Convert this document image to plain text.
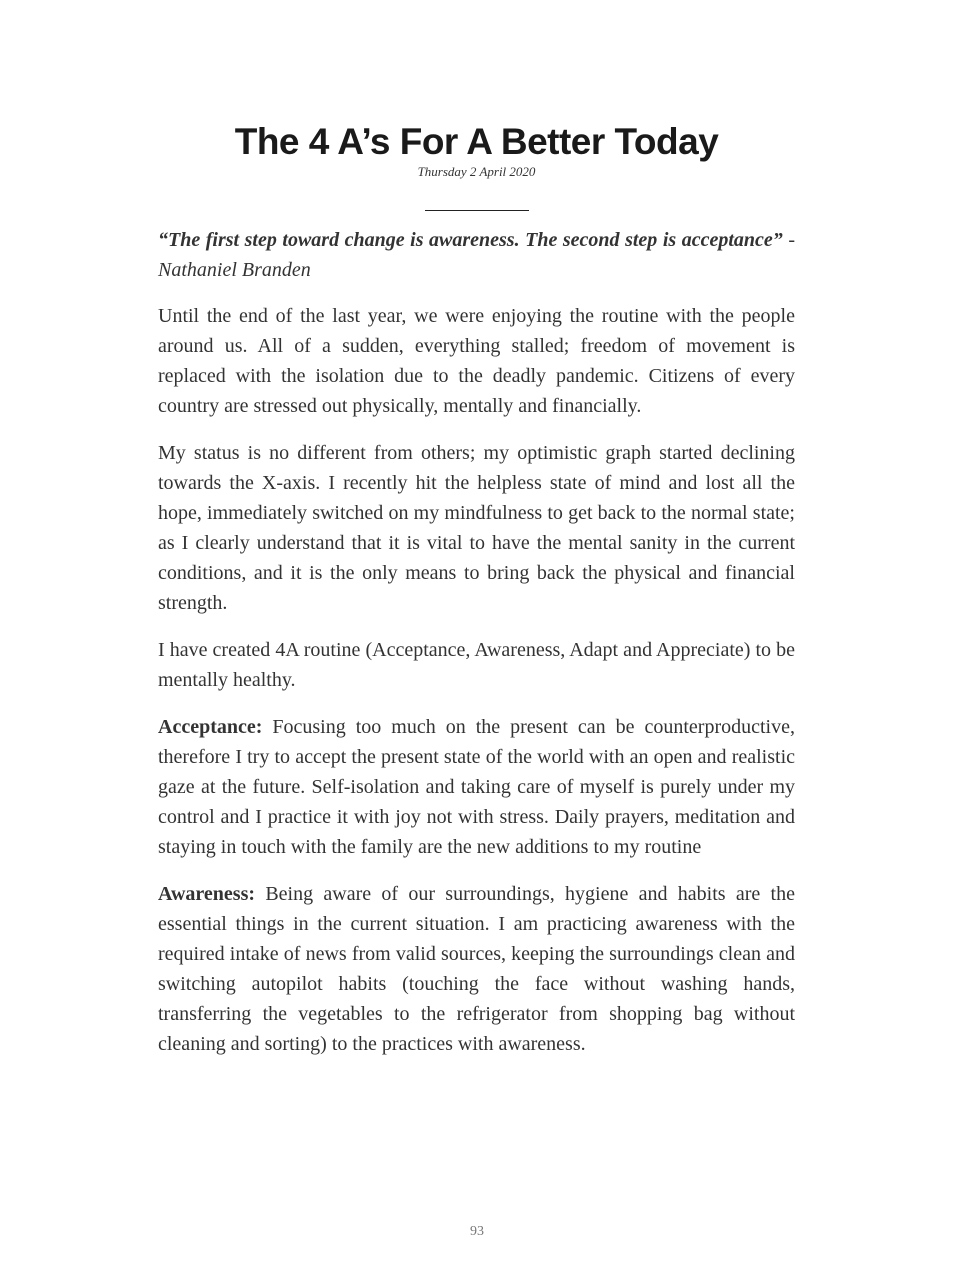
The 4 A’s For A Better Today
Thursday 2 April 2020
“The first step toward change is awareness. The second step is acceptance” - Nathaniel Branden

Until the end of the last year, we were enjoying the routine with the people around us. All of a sudden, everything stalled; freedom of movement is replaced with the isolation due to the deadly pandemic. Citizens of every country are stressed out physically, mentally and financially.

My status is no different from others; my optimistic graph started declining towards the X-axis. I recently hit the helpless state of mind and lost all the hope, immediately switched on my mindfulness to get back to the normal state; as I clearly understand that it is vital to have the mental sanity in the current conditions, and it is the only means to bring back the physical and financial strength.

I have created 4A routine (Acceptance, Awareness, Adapt and Appreciate) to be mentally healthy.

Acceptance: Focusing too much on the present can be counterproductive, therefore I try to accept the present state of the world with an open and realistic gaze at the future. Self-isolation and taking care of myself is purely under my control and I practice it with joy not with stress. Daily prayers, meditation and staying in touch with the family are the new additions to my routine

Awareness: Being aware of our surroundings, hygiene and habits are the essential things in the current situation. I am practicing awareness with the required intake of news from valid sources, keeping the surroundings clean and switching autopilot habits (touching the face without washing hands, transferring the vegetables to the refrigerator from shopping bag without cleaning and sorting) to the practices with awareness.

93
